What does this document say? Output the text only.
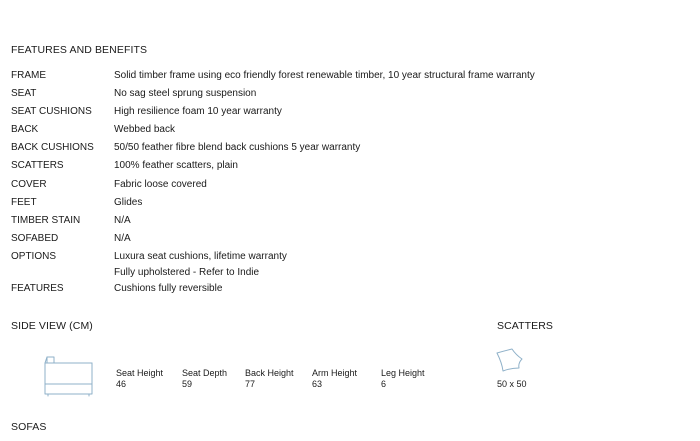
FEATURES AND BENEFITS
FRAME	Solid timber frame using eco friendly forest renewable timber, 10 year structural frame warranty
SEAT	No sag steel sprung suspension
SEAT CUSHIONS High resilience foam 10 year warranty
BACK	Webbed back
BACK CUSHIONS 50/50 feather fibre blend back cushions 5 year warranty
SCATTERS	100% feather scatters, plain
COVER	Fabric loose covered
FEET	Glides
TIMBER STAIN	N/A
SOFABED	N/A
OPTIONS	Luxura seat cushions, lifetime warranty
Fully upholstered - Refer to Indie
FEATURES	Cushions fully reversible
SIDE VIEW (CM)	SCATTERS
Seat Height
46
Seat Depth
59
Back Height
77
Arm Height
63
Leg Height
6	50 x 50
SOFAS
